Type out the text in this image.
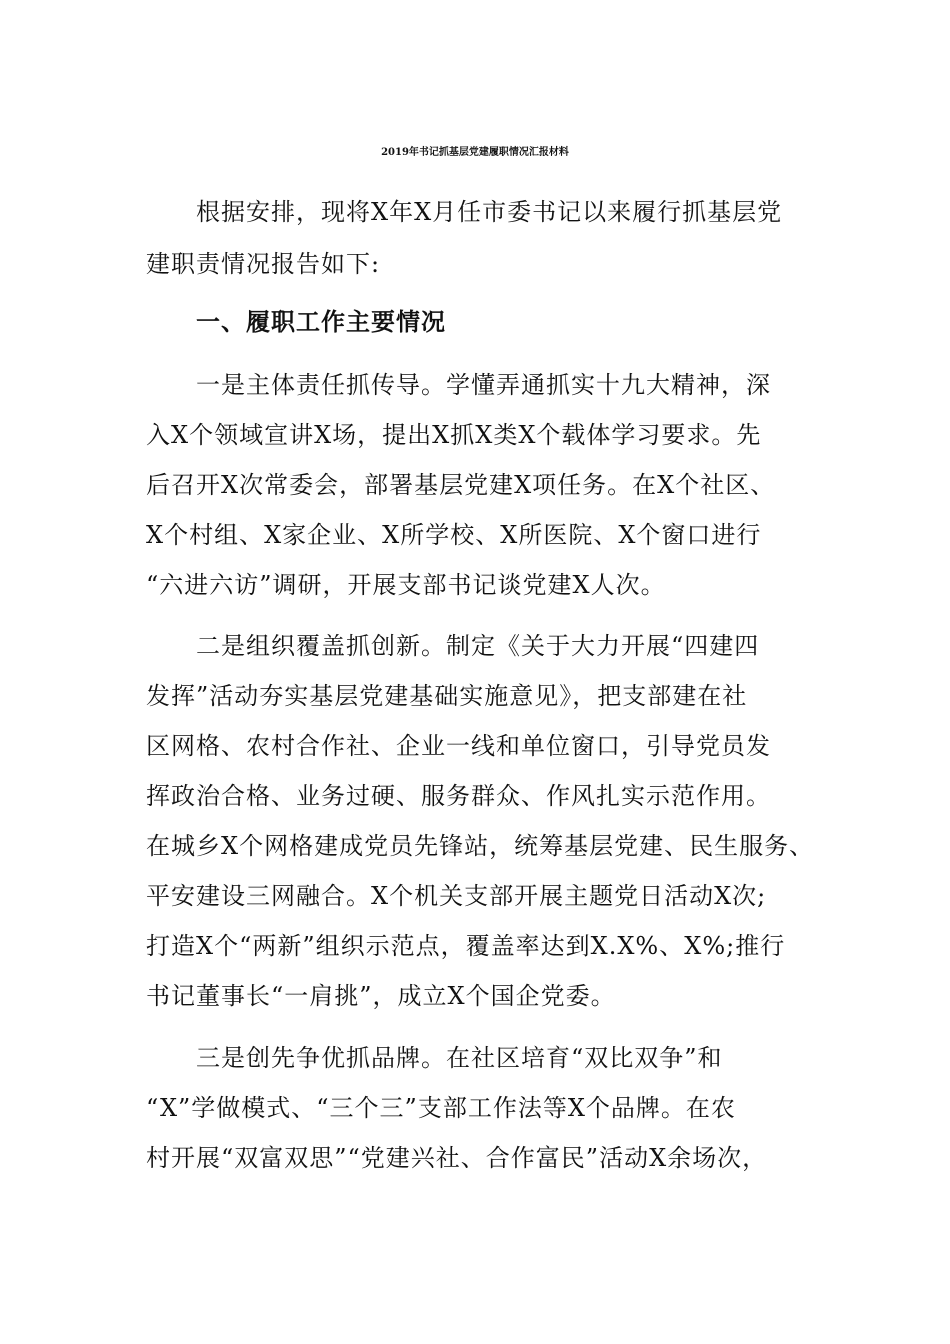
2019年书记抓基层党建履职情况汇报材料
根据安排，现将X年X月任市委书记以来履行抓基层党
建职责情况报告如下:
一、履职工作主要情况
一是主体责任抓传导。学懂弄通抓实十九大精神，深
入X个领域宣讲X场，提出X抓X类X个载体学习要求。先
后召开X次常委会，部署基层党建X项任务。在X个社区、
X个村组、X家企业、X所学校、X所医院、X个窗口进行
“六进六访”调研，开展支部书记谈党建X人次。
二是组织覆盖抓创新。制定《关于大力开展“四建四
发挥”活动夯实基层党建基础实施意见》，把支部建在社
区网格、农村合作社、企业一线和单位窗口，引导党员发
挥政治合格、业务过硬、服务群众、作风扎实示范作用。
在城乡X个网格建成党员先锋站，统筹基层党建、民生服务、
平安建设三网融合。X个机关支部开展主题党日活动X次;
打造X个“两新”组织示范点，覆盖率达到X.X%、X%;推行
书记董事长“一肩挑”，成立X个国企党委。
三是创先争优抓品牌。在社区培育“双比双争”和
“X”学做模式、“三个三”支部工作法等X个品牌。在农
村开展“双富双思”“党建兴社、合作富民”活动X余场次，
